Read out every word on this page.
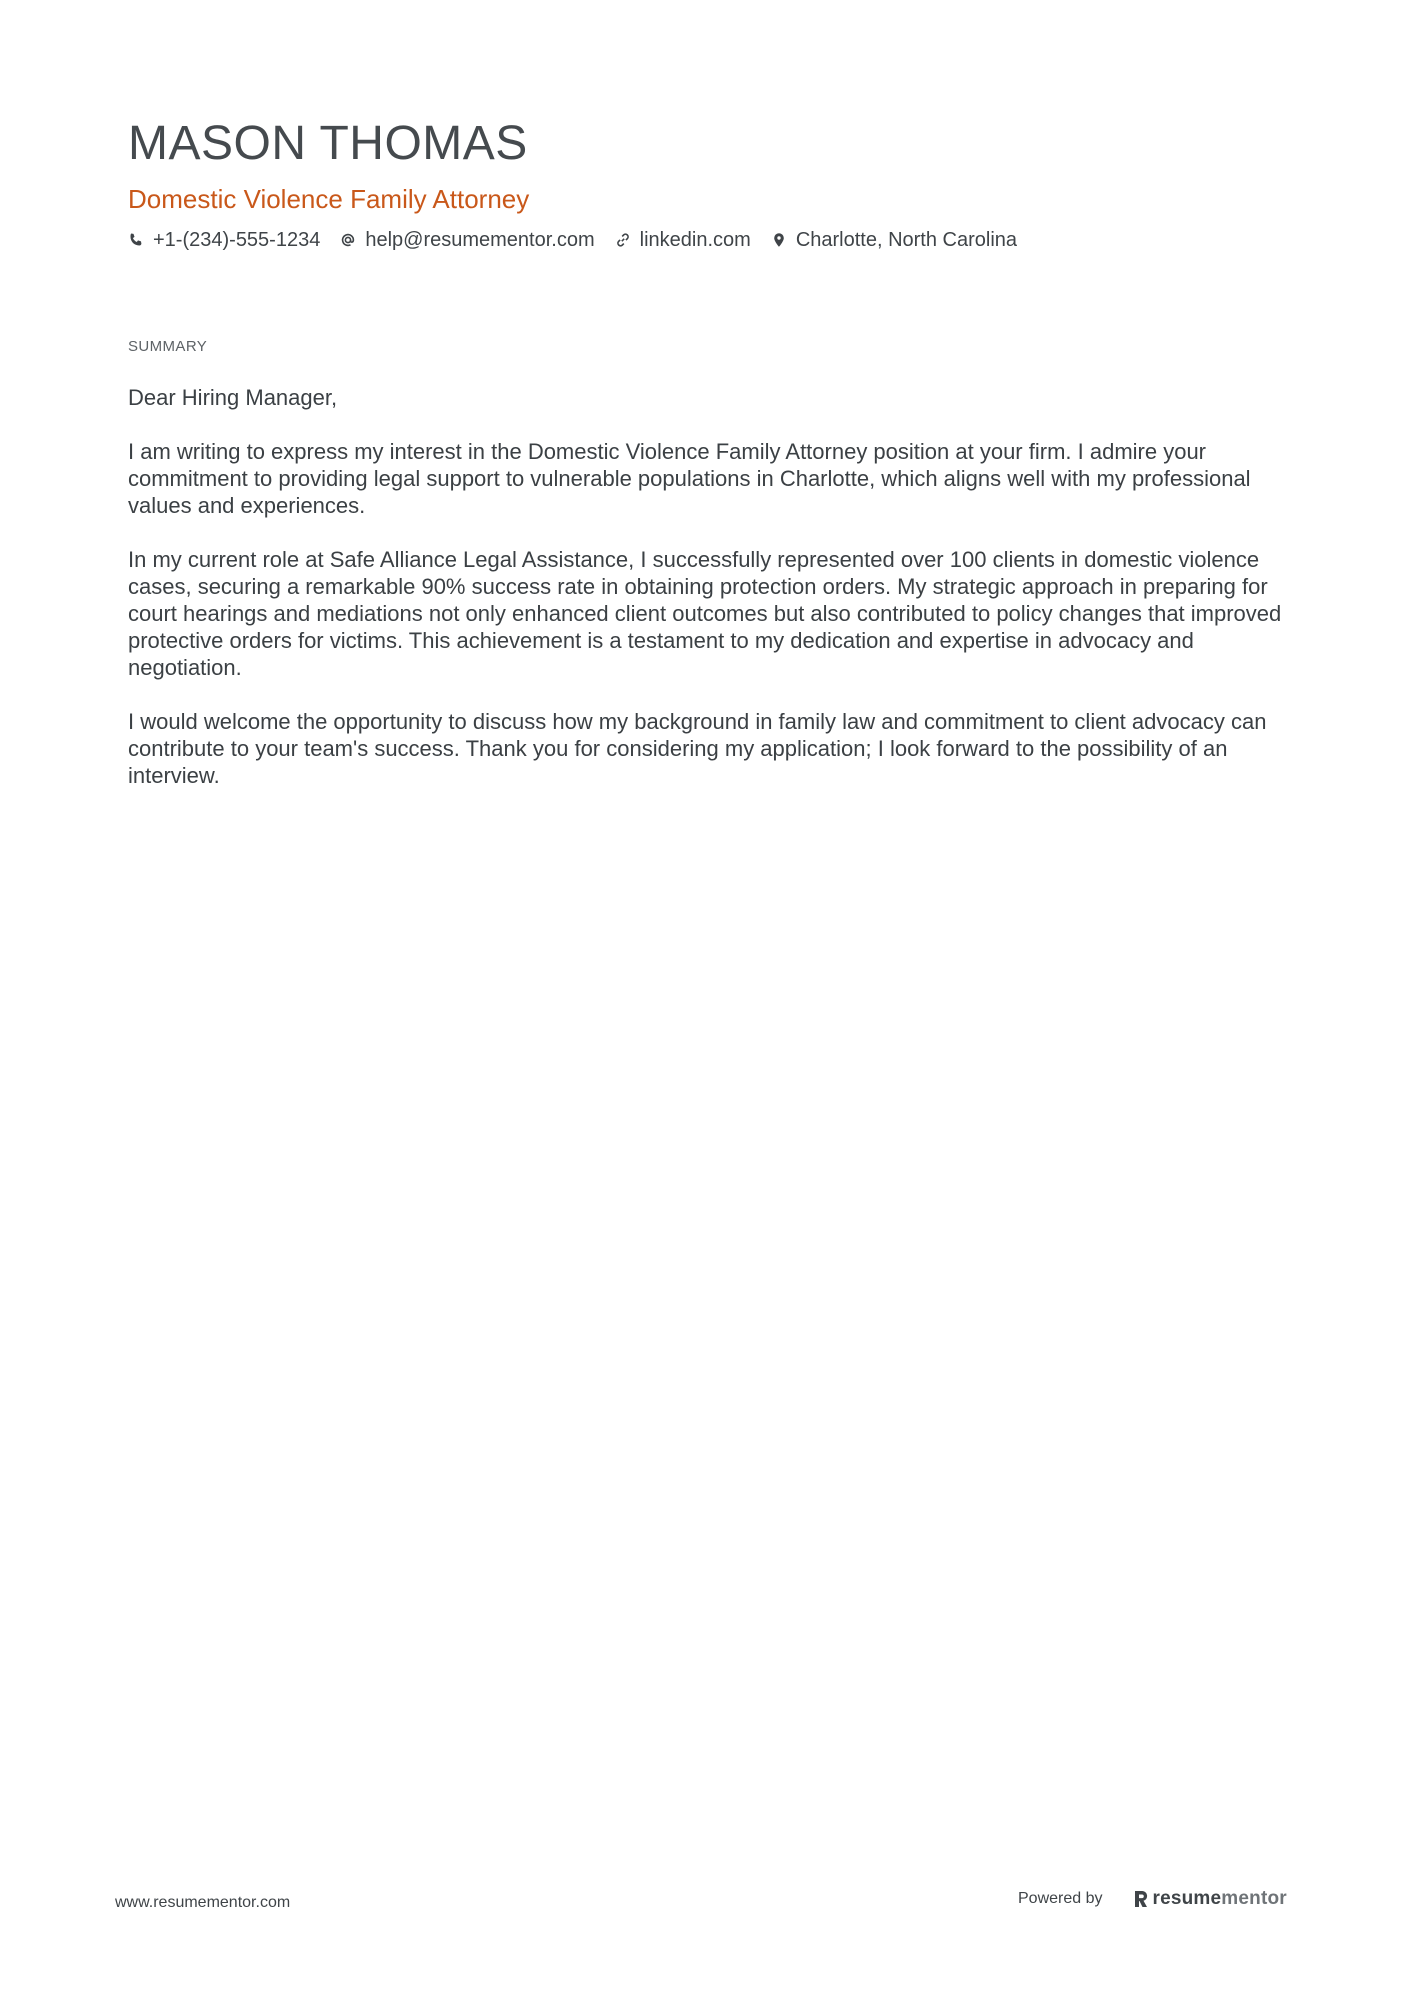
MASON THOMAS
Domestic Violence Family Attorney
+1-(234)-555-1234 help@resumementor.com linkedin.com Charlotte, North Carolina
SUMMARY

Dear Hiring Manager,

I am writing to express my interest in the Domestic Violence Family Attorney position at your firm. I admire your commitment to providing legal support to vulnerable populations in Charlotte, which aligns well with my professional values and experiences.

In my current role at Safe Alliance Legal Assistance, I successfully represented over 100 clients in domestic violence cases, securing a remarkable 90% success rate in obtaining protection orders. My strategic approach in preparing for court hearings and mediations not only enhanced client outcomes but also contributed to policy changes that improved protective orders for victims. This achievement is a testament to my dedication and expertise in advocacy and negotiation.

I would welcome the opportunity to discuss how my background in family law and commitment to client advocacy can contribute to your team's success. Thank you for considering my application; I look forward to the possibility of an interview.

www.resumementor.com	Powered by	resume mentor
